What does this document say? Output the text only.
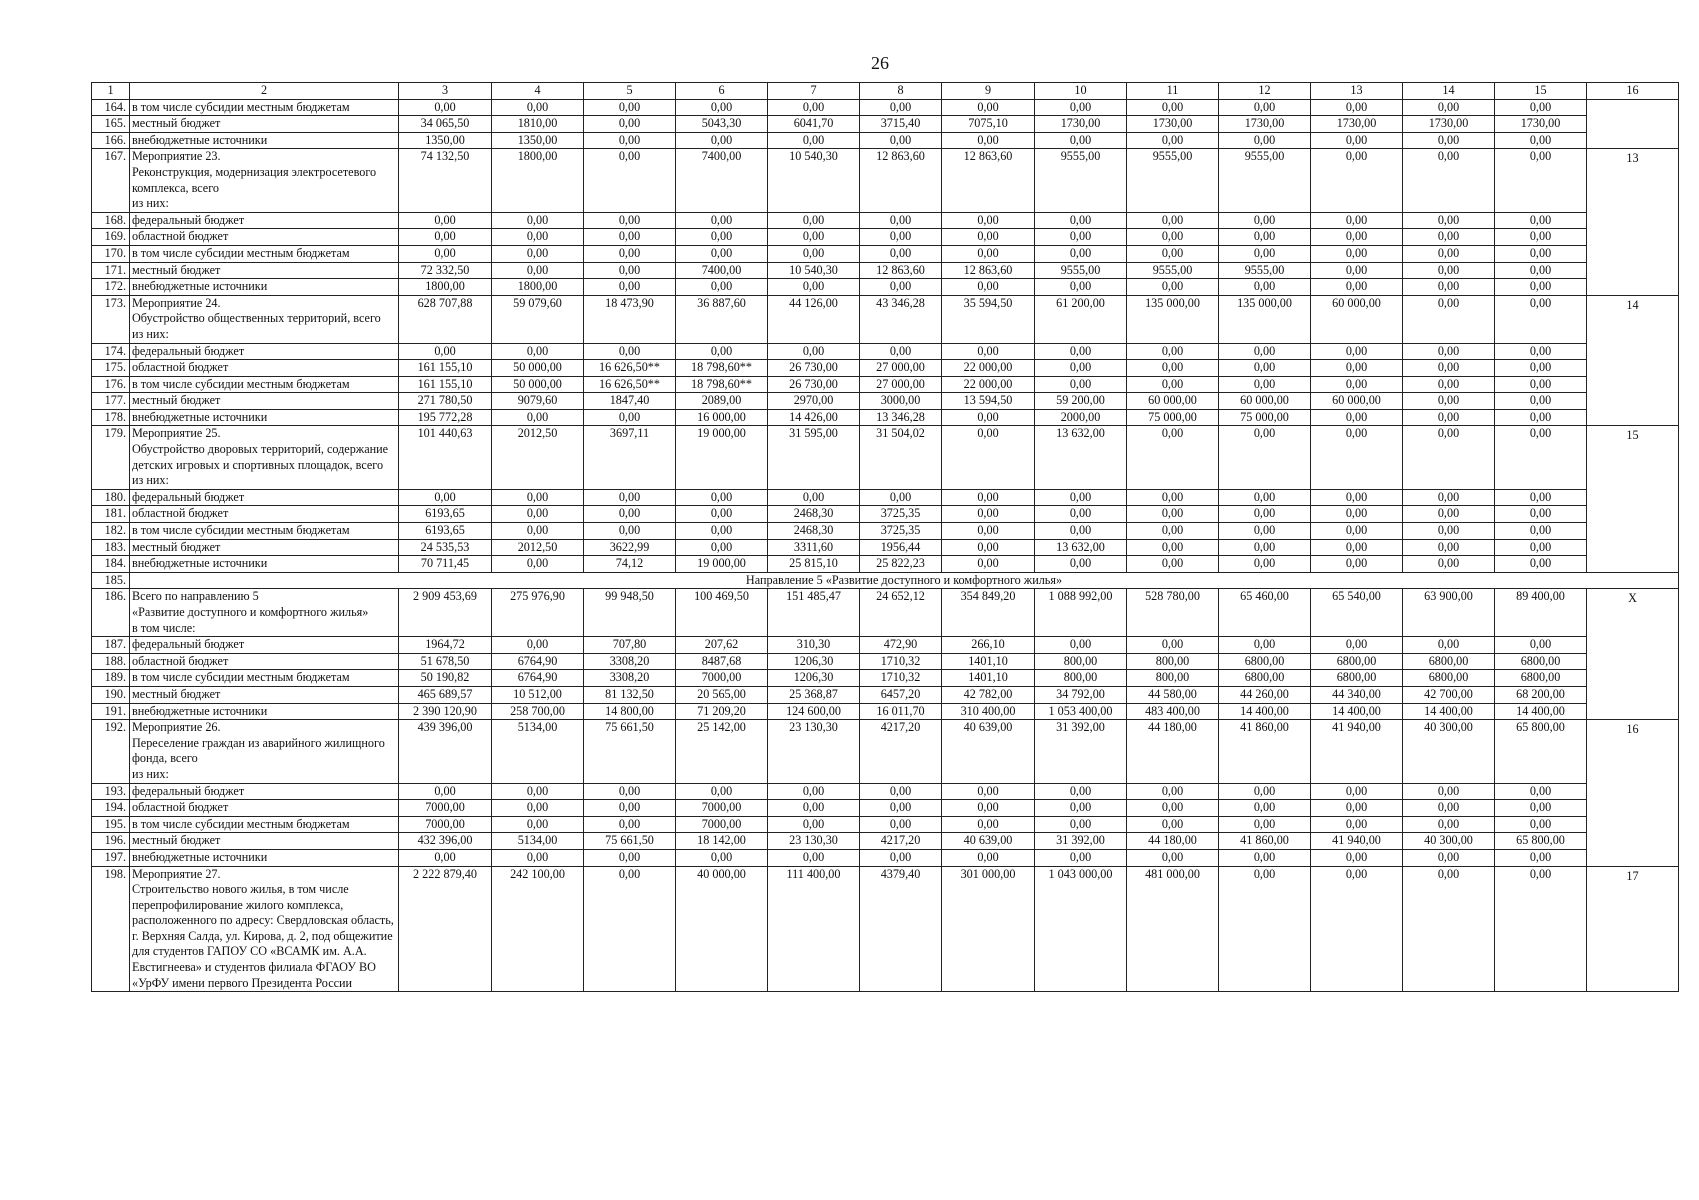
26
1	2	3	4	5	6	7	8	9	10	11	12	13	14	15	16
164.	в том числе субсидии местным бюджетам	0,00	0,00	0,00	0,00	0,00	0,00	0,00	0,00	0,00	0,00	0,00	0,00	0,00	
165.	местный бюджет	34 065,50	1810,00	0,00	5043,30	6041,70	3715,40	7075,10	1730,00	1730,00	1730,00	1730,00	1730,00	1730,00	
166.	внебюджетные источники	1350,00	1350,00	0,00	0,00	0,00	0,00	0,00	0,00	0,00	0,00	0,00	0,00	0,00	
167.	Мероприятие 23.
Реконструкция, модернизация электросетевого комплекса, всего
из них:	74 132,50	1800,00	0,00	7400,00	10 540,30	12 863,60	12 863,60	9555,00	9555,00	9555,00	0,00	0,00	0,00	13
168.	федеральный бюджет	0,00	0,00	0,00	0,00	0,00	0,00	0,00	0,00	0,00	0,00	0,00	0,00	0,00	
169.	областной бюджет	0,00	0,00	0,00	0,00	0,00	0,00	0,00	0,00	0,00	0,00	0,00	0,00	0,00	
170.	в том числе субсидии местным бюджетам	0,00	0,00	0,00	0,00	0,00	0,00	0,00	0,00	0,00	0,00	0,00	0,00	0,00	
171.	местный бюджет	72 332,50	0,00	0,00	7400,00	10 540,30	12 863,60	12 863,60	9555,00	9555,00	9555,00	0,00	0,00	0,00	
172.	внебюджетные источники	1800,00	1800,00	0,00	0,00	0,00	0,00	0,00	0,00	0,00	0,00	0,00	0,00	0,00	
173.	Мероприятие 24.
Обустройство общественных территорий, всего
из них:	628 707,88	59 079,60	18 473,90	36 887,60	44 126,00	43 346,28	35 594,50	61 200,00	135 000,00	135 000,00	60 000,00	0,00	0,00	14
174.	федеральный бюджет	0,00	0,00	0,00	0,00	0,00	0,00	0,00	0,00	0,00	0,00	0,00	0,00	0,00	
175.	областной бюджет	161 155,10	50 000,00	16 626,50**	18 798,60**	26 730,00	27 000,00	22 000,00	0,00	0,00	0,00	0,00	0,00	0,00	
176.	в том числе субсидии местным бюджетам	161 155,10	50 000,00	16 626,50**	18 798,60**	26 730,00	27 000,00	22 000,00	0,00	0,00	0,00	0,00	0,00	0,00	
177.	местный бюджет	271 780,50	9079,60	1847,40	2089,00	2970,00	3000,00	13 594,50	59 200,00	60 000,00	60 000,00	60 000,00	0,00	0,00	
178.	внебюджетные источники	195 772,28	0,00	0,00	16 000,00	14 426,00	13 346,28	0,00	2000,00	75 000,00	75 000,00	0,00	0,00	0,00	
179.	Мероприятие 25.
Обустройство дворовых территорий, содержание детских игровых и спортивных площадок, всего
из них:	101 440,63	2012,50	3697,11	19 000,00	31 595,00	31 504,02	0,00	13 632,00	0,00	0,00	0,00	0,00	0,00	15
180.	федеральный бюджет	0,00	0,00	0,00	0,00	0,00	0,00	0,00	0,00	0,00	0,00	0,00	0,00	0,00	
181.	областной бюджет	6193,65	0,00	0,00	0,00	2468,30	3725,35	0,00	0,00	0,00	0,00	0,00	0,00	0,00	
182.	в том числе субсидии местным бюджетам	6193,65	0,00	0,00	0,00	2468,30	3725,35	0,00	0,00	0,00	0,00	0,00	0,00	0,00	
183.	местный бюджет	24 535,53	2012,50	3622,99	0,00	3311,60	1956,44	0,00	13 632,00	0,00	0,00	0,00	0,00	0,00	
184.	внебюджетные источники	70 711,45	0,00	74,12	19 000,00	25 815,10	25 822,23	0,00	0,00	0,00	0,00	0,00	0,00	0,00	
185.	Направление 5 «Развитие доступного и комфортного жилья»														
186.	Всего по направлению 5
«Развитие доступного и комфортного жилья»
в том числе:	2 909 453,69	275 976,90	99 948,50	100 469,50	151 485,47	24 652,12	354 849,20	1 088 992,00	528 780,00	65 460,00	65 540,00	63 900,00	89 400,00	X
187.	федеральный бюджет	1964,72	0,00	707,80	207,62	310,30	472,90	266,10	0,00	0,00	0,00	0,00	0,00	0,00	
188.	областной бюджет	51 678,50	6764,90	3308,20	8487,68	1206,30	1710,32	1401,10	800,00	800,00	6800,00	6800,00	6800,00	6800,00	
189.	в том числе субсидии местным бюджетам	50 190,82	6764,90	3308,20	7000,00	1206,30	1710,32	1401,10	800,00	800,00	6800,00	6800,00	6800,00	6800,00	
190.	местный бюджет	465 689,57	10 512,00	81 132,50	20 565,00	25 368,87	6457,20	42 782,00	34 792,00	44 580,00	44 260,00	44 340,00	42 700,00	68 200,00	
191.	внебюджетные источники	2 390 120,90	258 700,00	14 800,00	71 209,20	124 600,00	16 011,70	310 400,00	1 053 400,00	483 400,00	14 400,00	14 400,00	14 400,00	14 400,00	
192.	Мероприятие 26.
Переселение граждан из аварийного жилищного фонда, всего
из них:	439 396,00	5134,00	75 661,50	25 142,00	23 130,30	4217,20	40 639,00	31 392,00	44 180,00	41 860,00	41 940,00	40 300,00	65 800,00	16
193.	федеральный бюджет	0,00	0,00	0,00	0,00	0,00	0,00	0,00	0,00	0,00	0,00	0,00	0,00	0,00	
194.	областной бюджет	7000,00	0,00	0,00	7000,00	0,00	0,00	0,00	0,00	0,00	0,00	0,00	0,00	0,00	
195.	в том числе субсидии местным бюджетам	7000,00	0,00	0,00	7000,00	0,00	0,00	0,00	0,00	0,00	0,00	0,00	0,00	0,00	
196.	местный бюджет	432 396,00	5134,00	75 661,50	18 142,00	23 130,30	4217,20	40 639,00	31 392,00	44 180,00	41 860,00	41 940,00	40 300,00	65 800,00	
197.	внебюджетные источники	0,00	0,00	0,00	0,00	0,00	0,00	0,00	0,00	0,00	0,00	0,00	0,00	0,00	
198.	Мероприятие 27.
Строительство нового жилья, в том числе перепрофилирование жилого комплекса, расположенного по адресу: Свердловская область, г. Верхняя Салда, ул. Кирова, д. 2, под общежитие для студентов ГАПОУ СО «ВСАМК им. А.А. Евстигнеева» и студентов филиала ФГАОУ ВО «УрФУ имени первого Президента России	2 222 879,40	242 100,00	0,00	40 000,00	111 400,00	4379,40	301 000,00	1 043 000,00	481 000,00	0,00	0,00	0,00	0,00	17
